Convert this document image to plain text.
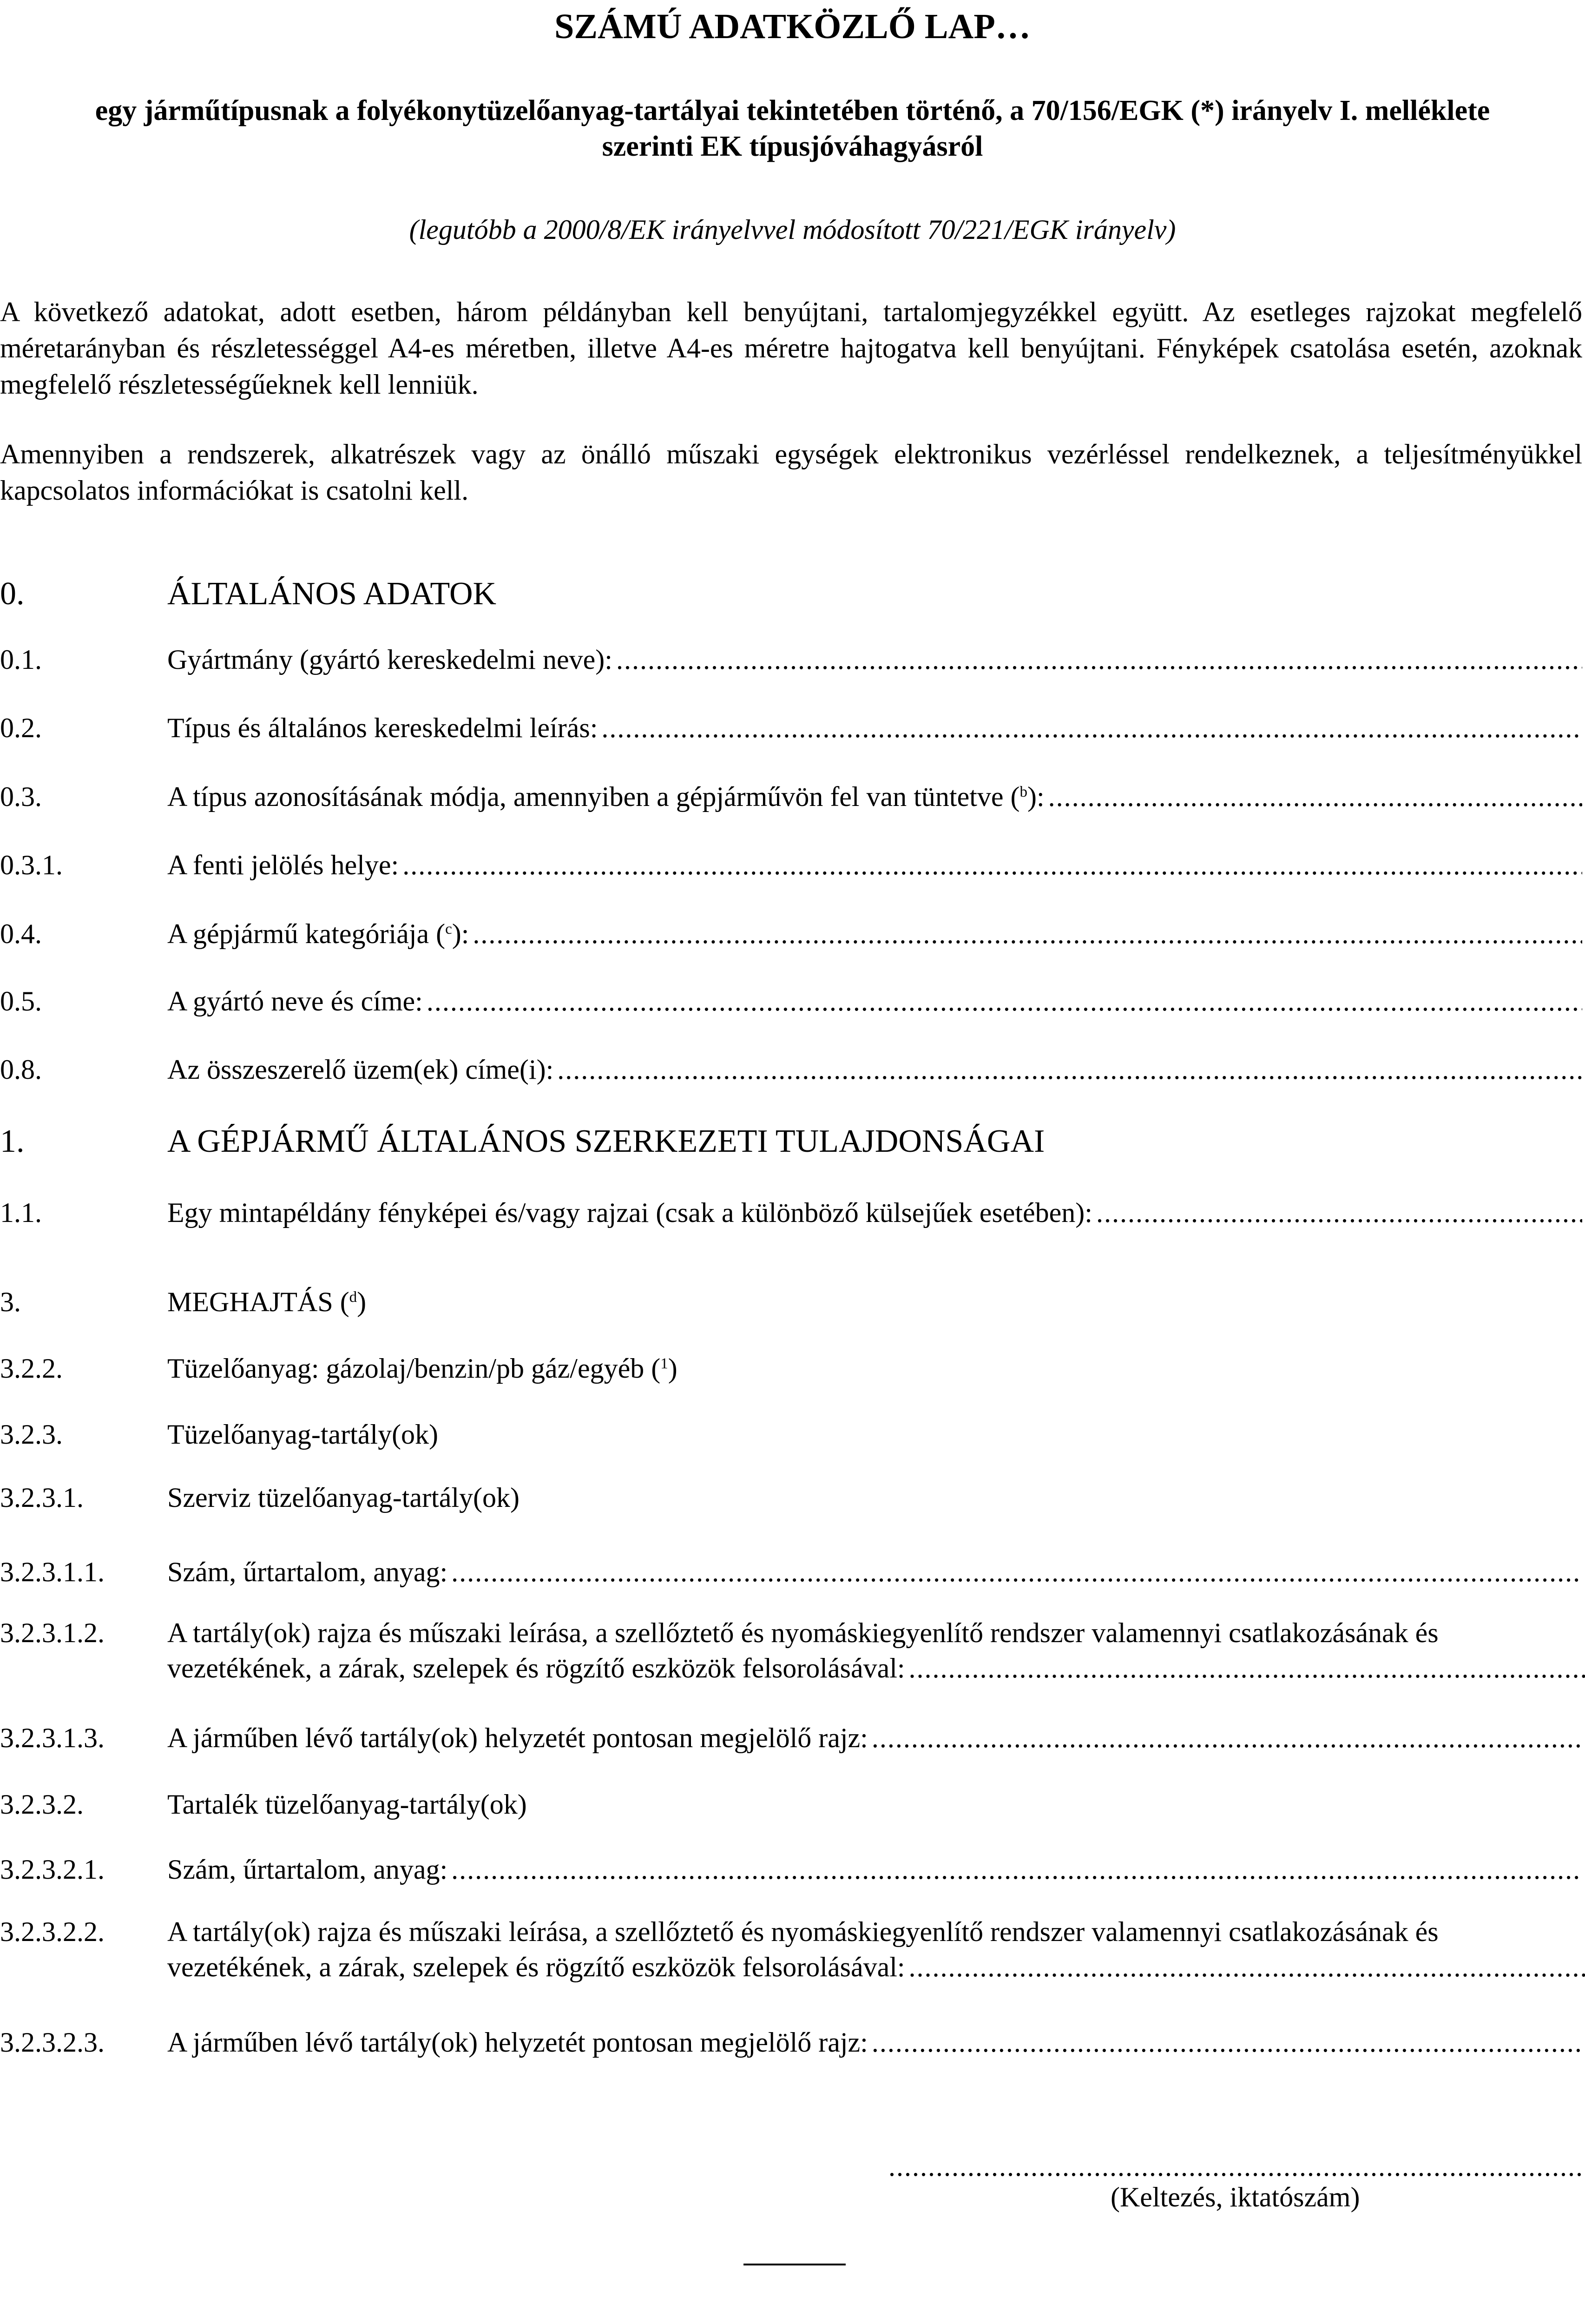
SZÁMÚ ADATKÖZLŐ LAP…
egy járműtípusnak a folyékonytüzelőanyag-tartályai tekintetében történő, a 70/156/EGK (*) irányelv I. melléklete
szerinti EK típusjóváhagyásról
(legutóbb a 2000/8/EK irányelvvel módosított 70/221/EGK irányelv)
A következő adatokat, adott esetben, három példányban kell benyújtani, tartalomjegyzékkel együtt. Az esetleges rajzokat megfelelő méretarányban és részletességgel A4-es méretben, illetve A4-es méretre hajtogatva kell benyújtani. Fényképek csatolása esetén, azoknak megfelelő részletességűeknek kell lenniük.
Amennyiben a rendszerek, alkatrészek vagy az önálló műszaki egységek elektronikus vezérléssel rendelkeznek, a teljesítményükkel kapcsolatos információkat is csatolni kell.
0.	ÁLTALÁNOS ADATOK
0.1.	Gyártmány (gyártó kereskedelmi neve):
.....
0.2.	Típus és általános kereskedelmi leírás:
.....
0.3.	A típus azonosításának módja, amennyiben a gépjárművön fel van tüntetve ($^b$):
.....
0.3.1.	A fenti jelölés helye:
.....
0.4.	A gépjármű kategóriája ($^c$):
.....
0.5.	A gyártó neve és címe:
.....
0.8.	Az összeszerelő üzem(ek) címe(i):
.....
1.	A GÉPJÁRMŰ ÁLTALÁNOS SZERKEZETI TULAJDONSÁGAI
1.1.	Egy mintapéldány fényképei és/vagy rajzai (csak a különböző külsejűek esetében):
.....
3.	MEGHAJTÁS ($^d$)
3.2.2.	Tüzelőanyag: gázolaj/benzin/pb gáz/egyéb ($^1$)
3.2.3.	Tüzelőanyag-tartály(ok)
3.2.3.1.	Szerviz tüzelőanyag-tartály(ok)
3.2.3.1.1.	Szám, űrtartalom, anyag:
.....
3.2.3.1.2.	A tartály(ok) rajza és műszaki leírása, a szellőztető és nyomáskiegyenlítő rendszer valamennyi csatlakozásának és
vezetékének, a zárak, szelepek és rögzítő eszközök felsorolásával:
.....
3.2.3.1.3.	A járműben lévő tartály(ok) helyzetét pontosan megjelölő rajz:
.....
3.2.3.2.	Tartalék tüzelőanyag-tartály(ok)
3.2.3.2.1.	Szám, űrtartalom, anyag:
.....
3.2.3.2.2.	A tartály(ok) rajza és műszaki leírása, a szellőztető és nyomáskiegyenlítő rendszer valamennyi csatlakozásának és
vezetékének, a zárak, szelepek és rögzítő eszközök felsorolásával:
.....
3.2.3.2.3.	A járműben lévő tartály(ok) helyzetét pontosan megjelölő rajz:
.....
.....
(Keltezés, iktatószám)
